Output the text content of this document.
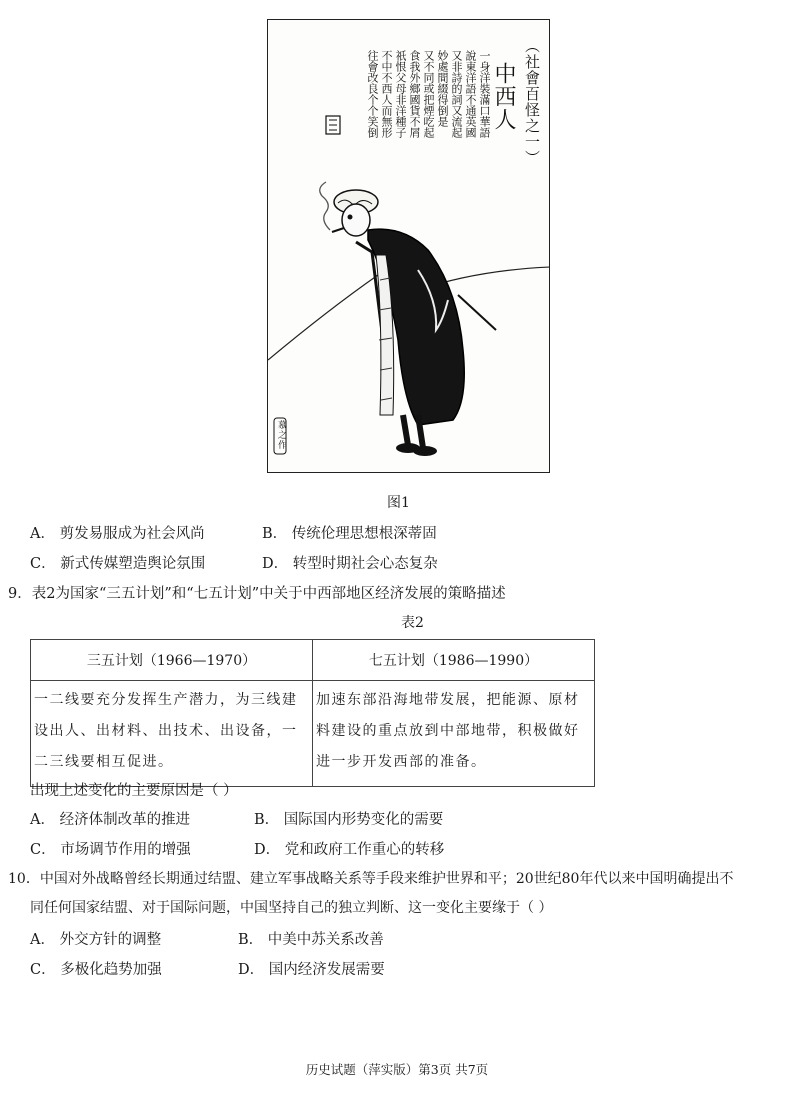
（社會百怪之一）
中西人
一身洋裝滿口華語
說東洋語不通英國
又非詩的詞又流起
妙處間綴得倒是
又不同或把煙吃起
食我外鄉國貨不屑
祇恨父母非洋種子
不中不西人而無形
往會改良个个笑倒
慕之作
图1
A． 剪发易服成为社会风尚	B． 传统伦理思想根深蒂固
C． 新式传媒塑造舆论氛围	D． 转型时期社会心态复杂
9．表2为国家“三五计划”和“七五计划”中关于中西部地区经济发展的策略描述
表2
三五计划（1966—1970）	七五计划（1986—1990）
一二线要充分发挥生产潜力，为三线建设出人、出材料、出技术、出设备，一二三线要相互促进。	加速东部沿海地带发展，把能源、原材料建设的重点放到中部地带，积极做好进一步开发西部的准备。
出现上述变化的主要原因是（ ）
A． 经济体制改革的推进	B． 国际国内形势变化的需要
C． 市场调节作用的增强	D． 党和政府工作重心的转移
10．中国对外战略曾经长期通过结盟、建立军事战略关系等手段来维护世界和平；20世纪80年代以来中国明确提出不
同任何国家结盟、对于国际问题，中国坚持自己的独立判断、这一变化主要缘于（ ）
A． 外交方针的调整	B． 中美中苏关系改善
C． 多极化趋势加强	D． 国内经济发展需要
历史试题（萍实版）第3页 共7页
